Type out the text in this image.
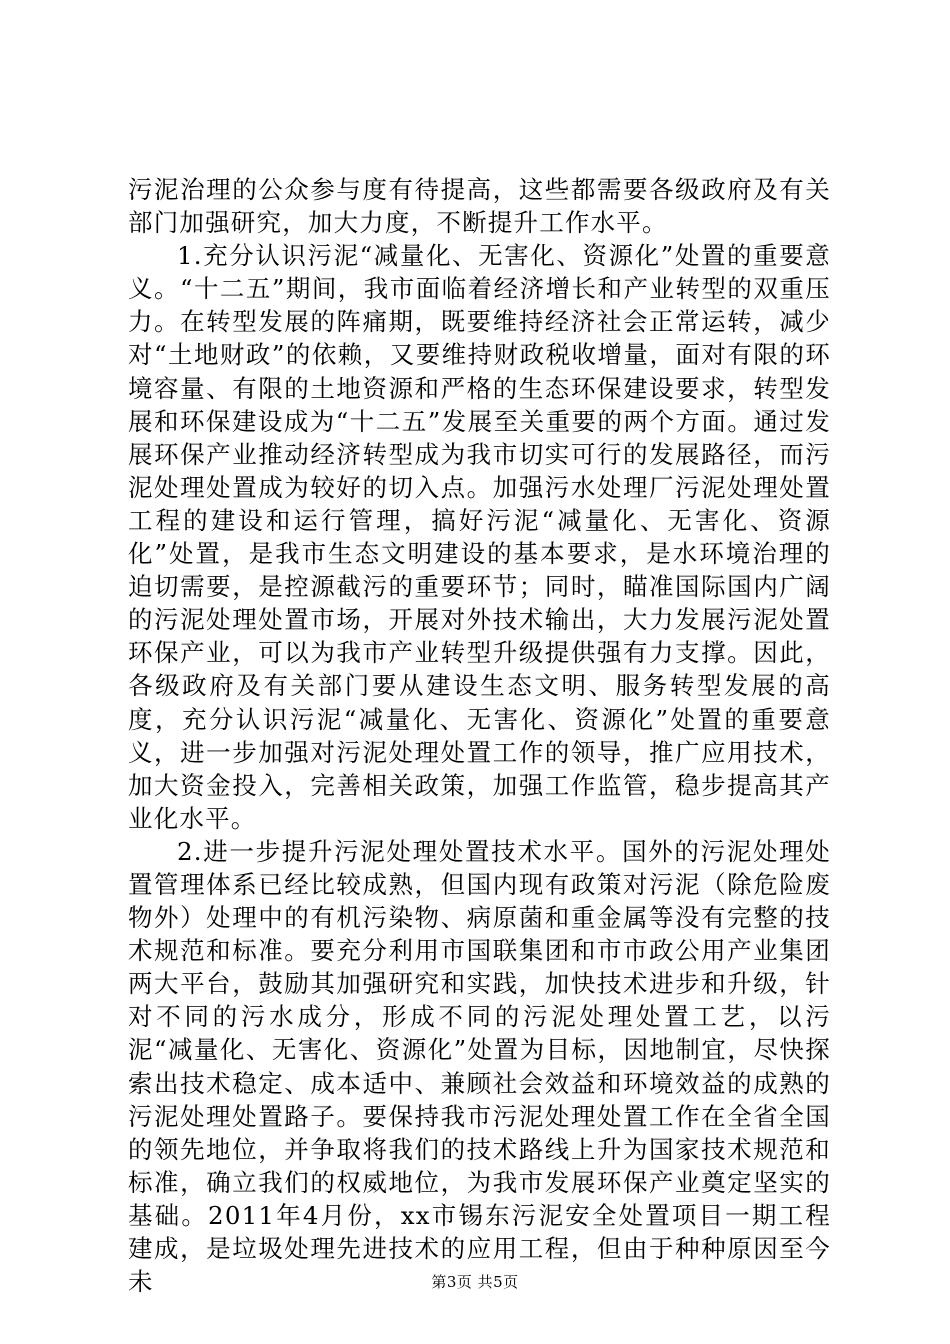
污泥治理的公众参与度有待提高，这些都需要各级政府及有关部门加强研究，加大力度，不断提升工作水平。

1.充分认识污泥“减量化、无害化、资源化”处置的重要意义。“十二五”期间，我市面临着经济增长和产业转型的双重压力。在转型发展的阵痛期，既要维持经济社会正常运转，减少对“土地财政”的依赖，又要维持财政税收增量，面对有限的环境容量、有限的土地资源和严格的生态环保建设要求，转型发展和环保建设成为“十二五”发展至关重要的两个方面。通过发展环保产业推动经济转型成为我市切实可行的发展路径，而污泥处理处置成为较好的切入点。加强污水处理厂污泥处理处置工程的建设和运行管理，搞好污泥“减量化、无害化、资源化”处置，是我市生态文明建设的基本要求，是水环境治理的迫切需要，是控源截污的重要环节；同时，瞄准国际国内广阔的污泥处理处置市场，开展对外技术输出，大力发展污泥处置环保产业，可以为我市产业转型升级提供强有力支撑。因此，各级政府及有关部门要从建设生态文明、服务转型发展的高度，充分认识污泥“减量化、无害化、资源化”处置的重要意义，进一步加强对污泥处理处置工作的领导，推广应用技术，加大资金投入，完善相关政策，加强工作监管，稳步提高其产业化水平。

2.进一步提升污泥处理处置技术水平。国外的污泥处理处置管理体系已经比较成熟，但国内现有政策对污泥（除危险废物外）处理中的有机污染物、病原菌和重金属等没有完整的技术规范和标准。要充分利用市国联集团和市市政公用产业集团两大平台，鼓励其加强研究和实践，加快技术进步和升级，针对不同的污水成分，形成不同的污泥处理处置工艺，以污泥“减量化、无害化、资源化”处置为目标，因地制宜，尽快探索出技术稳定、成本适中、兼顾社会效益和环境效益的成熟的污泥处理处置路子。要保持我市污泥处理处置工作在全省全国的领先地位，并争取将我们的技术路线上升为国家技术规范和标准，确立我们的权威地位，为我市发展环保产业奠定坚实的基础。2011年4月份，xx市锡东污泥安全处置项目一期工程建成，是垃圾处理先进技术的应用工程，但由于种种原因至今未	第3页 共5页
